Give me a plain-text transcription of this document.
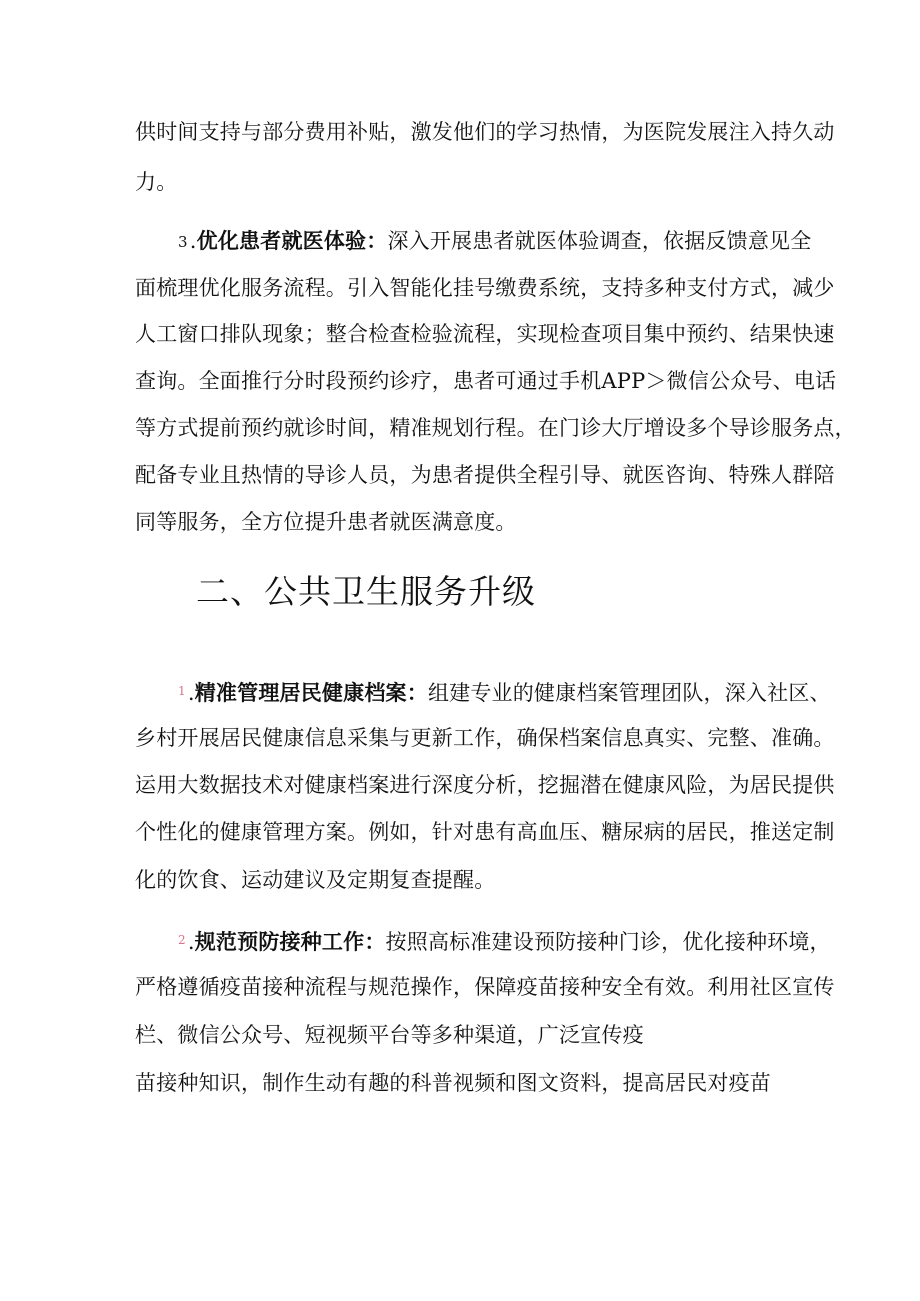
供时间支持与部分费用补贴，激发他们的学习热情，为医院发展注入持久动
力。
3.优化患者就医体验：深入开展患者就医体验调查，依据反馈意见全
面梳理优化服务流程。引入智能化挂号缴费系统，支持多种支付方式，减少
人工窗口排队现象；整合检查检验流程，实现检查项目集中预约、结果快速
查询。全面推行分时段预约诊疗，患者可通过手机APP＞微信公众号、电话
等方式提前预约就诊时间，精准规划行程。在门诊大厅增设多个导诊服务点，
配备专业且热情的导诊人员，为患者提供全程引导、就医咨询、特殊人群陪
同等服务，全方位提升患者就医满意度。
二、公共卫生服务升级
$^1$.精准管理居民健康档案：组建专业的健康档案管理团队，深入社区、
乡村开展居民健康信息采集与更新工作，确保档案信息真实、完整、准确。
运用大数据技术对健康档案进行深度分析，挖掘潜在健康风险，为居民提供
个性化的健康管理方案。例如，针对患有高血压、糖尿病的居民，推送定制
化的饮食、运动建议及定期复查提醒。
$^2$.规范预防接种工作：按照高标准建设预防接种门诊，优化接种环境，
严格遵循疫苗接种流程与规范操作，保障疫苗接种安全有效。利用社区宣传
栏、微信公众号、短视频平台等多种渠道，广泛宣传疫
苗接种知识，制作生动有趣的科普视频和图文资料，提高居民对疫苗
